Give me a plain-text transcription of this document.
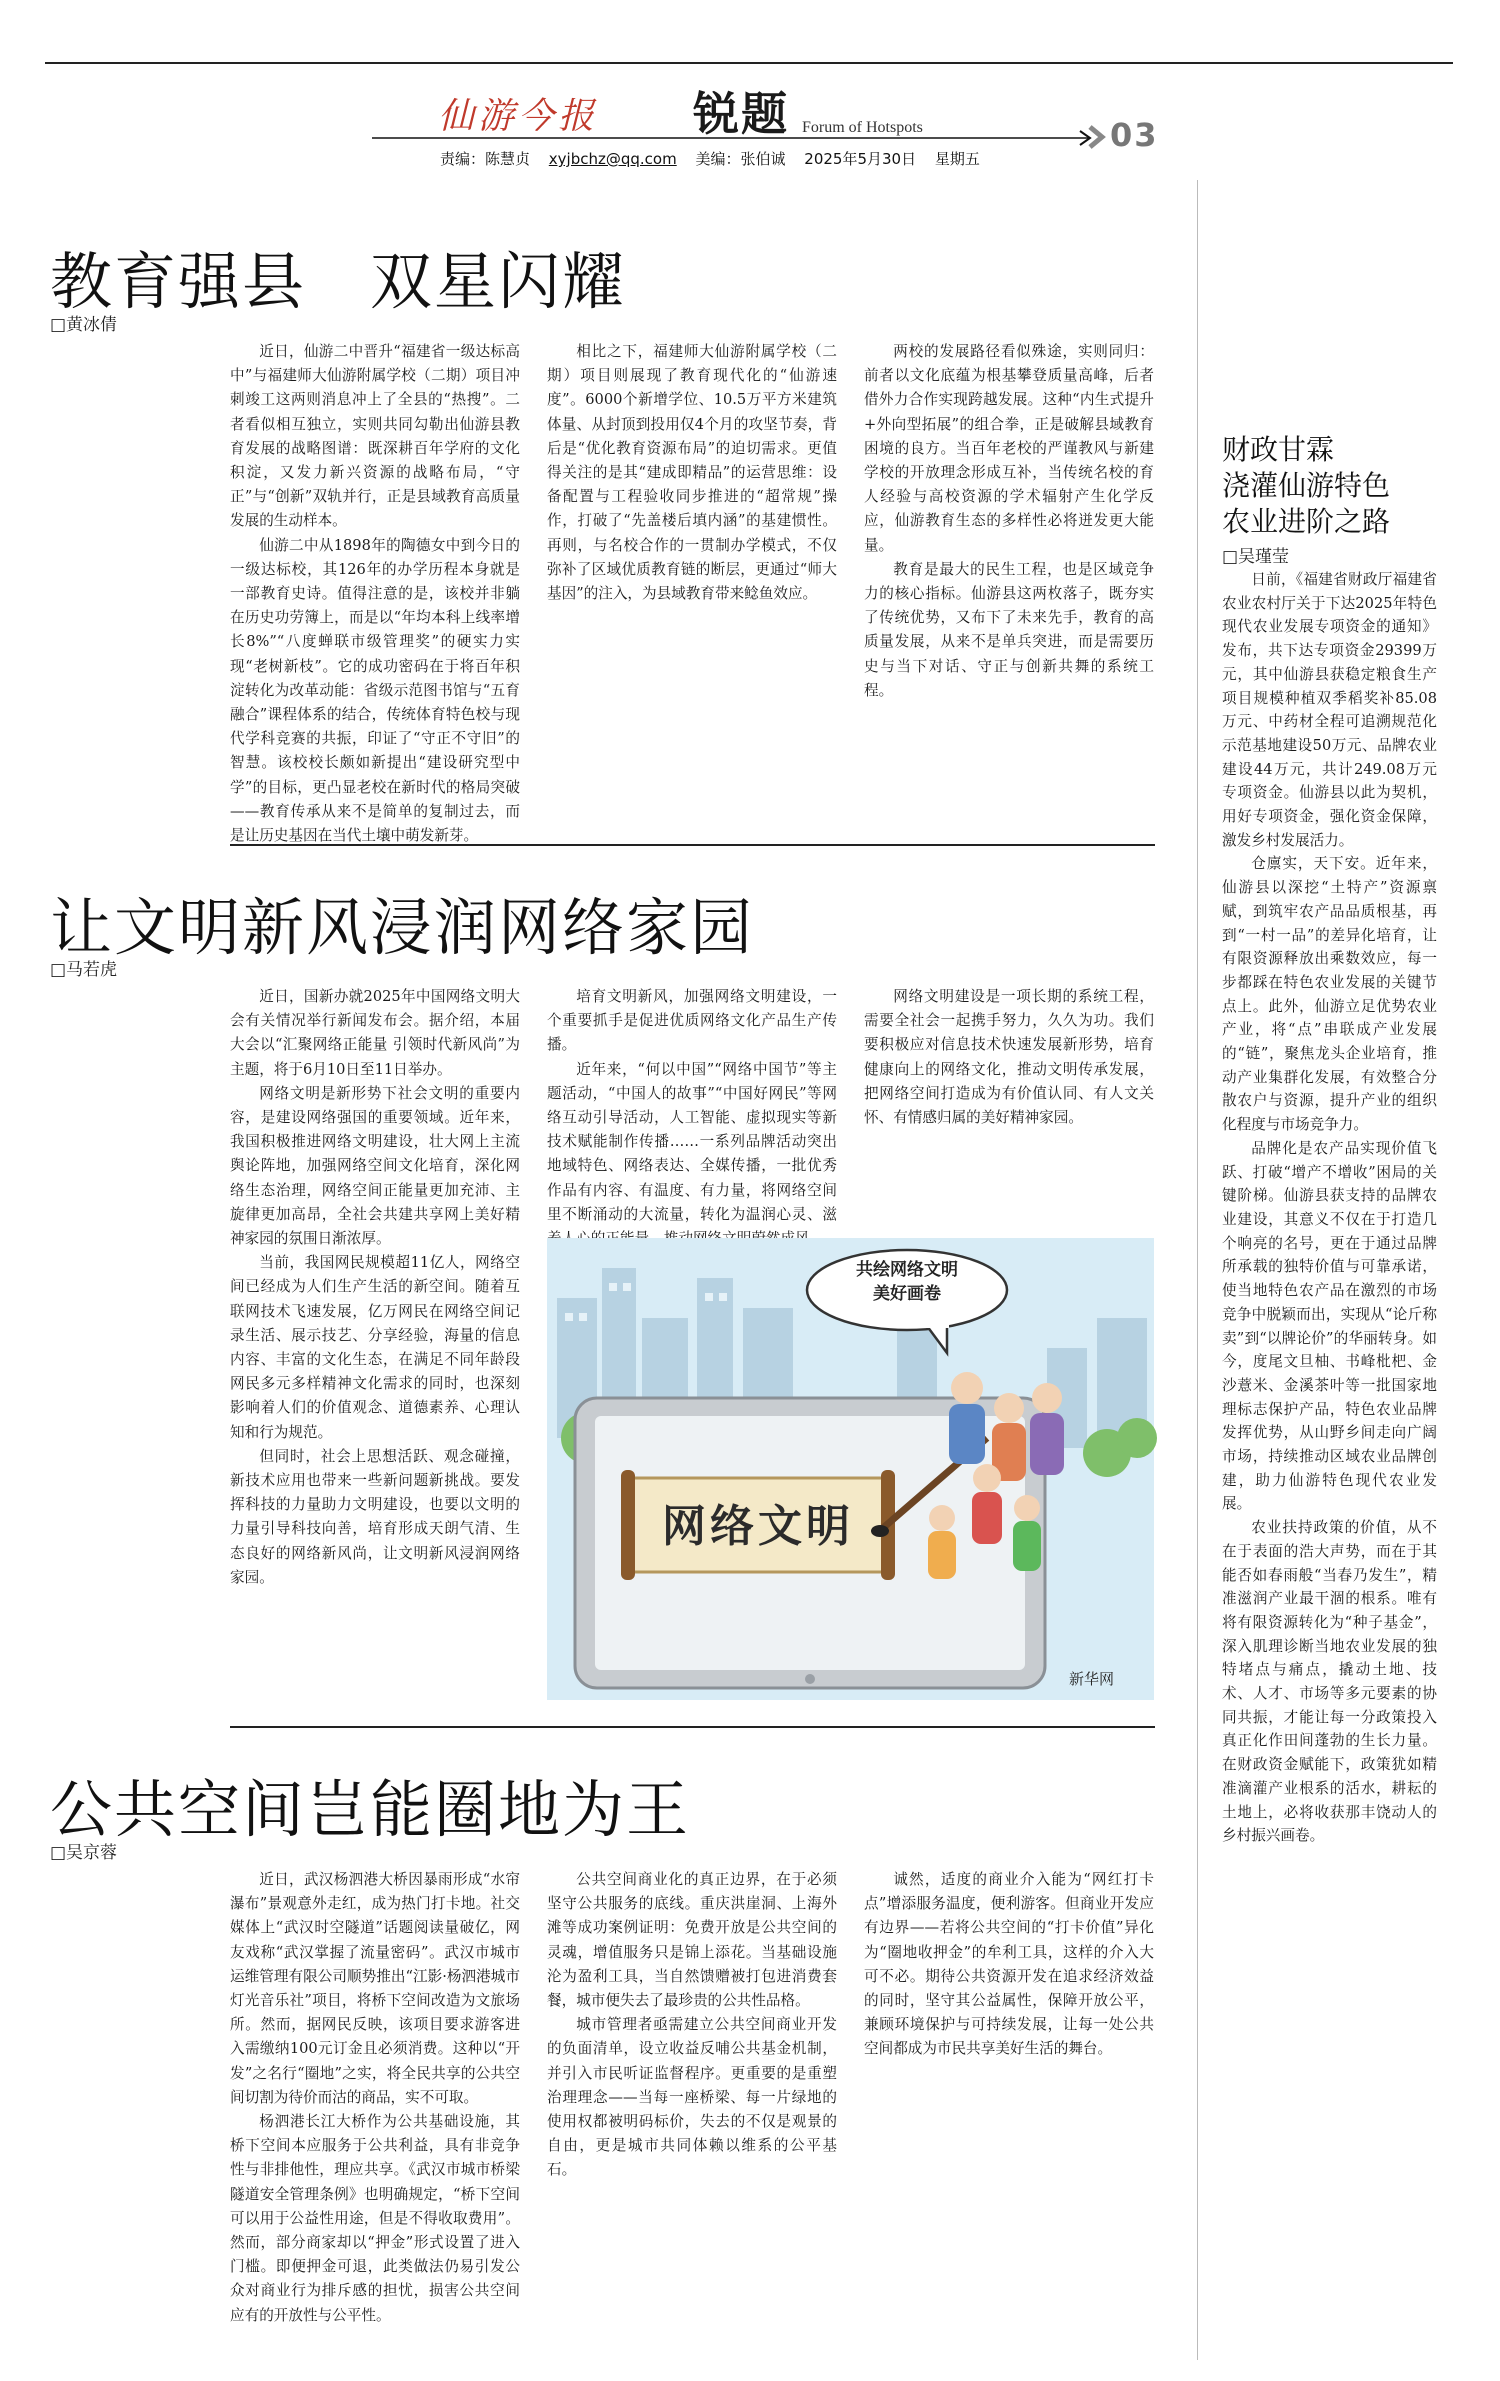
仙游今报 锐题 Forum of Hotspots	03
责编：陈慧贞 xyjbchz@qq.com 美编：张伯诚 2025年5月30日 星期五
教育强县　双星闪耀
□黄冰倩

近日，仙游二中晋升“福建省一级达标高中”与福建师大仙游附属学校（二期）项目冲刺竣工这两则消息冲上了全县的“热搜”。二者看似相互独立，实则共同勾勒出仙游县教育发展的战略图谱：既深耕百年学府的文化积淀，又发力新兴资源的战略布局，“守正”与“创新”双轨并行，正是县域教育高质量发展的生动样本。

仙游二中从1898年的陶德女中到今日的一级达标校，其126年的办学历程本身就是一部教育史诗。值得注意的是，该校并非躺在历史功劳簿上，而是以“年均本科上线率增长8%”“八度蝉联市级管理奖”的硬实力实现“老树新枝”。它的成功密码在于将百年积淀转化为改革动能：省级示范图书馆与“五育融合”课程体系的结合，传统体育特色校与现代学科竞赛的共振，印证了“守正不守旧”的智慧。该校校长颇如新提出“建设研究型中学”的目标，更凸显老校在新时代的格局突破——教育传承从来不是简单的复制过去，而是让历史基因在当代土壤中萌发新芽。

相比之下，福建师大仙游附属学校（二期）项目则展现了教育现代化的“仙游速度”。6000个新增学位、10.5万平方米建筑体量、从封顶到投用仅4个月的攻坚节奏，背后是“优化教育资源布局”的迫切需求。更值得关注的是其“建成即精品”的运营思维：设备配置与工程验收同步推进的“超常规”操作，打破了“先盖楼后填内涵”的基建惯性。再则，与名校合作的一贯制办学模式，不仅弥补了区域优质教育链的断层，更通过“师大基因”的注入，为县域教育带来鲶鱼效应。

两校的发展路径看似殊途，实则同归：前者以文化底蕴为根基攀登质量高峰，后者借外力合作实现跨越发展。这种“内生式提升+外向型拓展”的组合拳，正是破解县域教育困境的良方。当百年老校的严谨教风与新建学校的开放理念形成互补，当传统名校的育人经验与高校资源的学术辐射产生化学反应，仙游教育生态的多样性必将迸发更大能量。

教育是最大的民生工程，也是区域竞争力的核心指标。仙游县这两枚落子，既夯实了传统优势，又布下了未来先手，教育的高质量发展，从来不是单兵突进，而是需要历史与当下对话、守正与创新共舞的系统工程。

让文明新风浸润网络家园
□马若虎

近日，国新办就2025年中国网络文明大会有关情况举行新闻发布会。据介绍，本届大会以“汇聚网络正能量 引领时代新风尚”为主题，将于6月10日至11日举办。

网络文明是新形势下社会文明的重要内容，是建设网络强国的重要领域。近年来，我国积极推进网络文明建设，壮大网上主流舆论阵地，加强网络空间文化培育，深化网络生态治理，网络空间正能量更加充沛、主旋律更加高昂，全社会共建共享网上美好精神家园的氛围日渐浓厚。

当前，我国网民规模超11亿人，网络空间已经成为人们生产生活的新空间。随着互联网技术飞速发展，亿万网民在网络空间记录生活、展示技艺、分享经验，海量的信息内容、丰富的文化生态，在满足不同年龄段网民多元多样精神文化需求的同时，也深刻影响着人们的价值观念、道德素养、心理认知和行为规范。

但同时，社会上思想活跃、观念碰撞，新技术应用也带来一些新问题新挑战。要发挥科技的力量助力文明建设，也要以文明的力量引导科技向善，培育形成天朗气清、生态良好的网络新风尚，让文明新风浸润网络家园。

培育文明新风，加强网络文明建设，一个重要抓手是促进优质网络文化产品生产传播。

近年来，“何以中国”“网络中国节”等主题活动，“中国人的故事”“中国好网民”等网络互动引导活动，人工智能、虚拟现实等新技术赋能制作传播……一系列品牌活动突出地域特色、网络表达、全媒传播，一批优秀作品有内容、有温度、有力量，将网络空间里不断涌动的大流量，转化为温润心灵、滋

网络文明建设是一项长期的系统工程，需要全社会一起携手努力，久久为功。我们要积极应对信息技术快速发展新形势，培育健康向上的网络文化，推动文明传承发展，把网络空间打造成为有价值认同、有人文关怀、有情感归属的美好精神家园。

共绘网络文明
美好画卷
网络文明
新华网
公共空间岂能圈地为王
□吴京蓉

近日，武汉杨泗港大桥因暴雨形成“水帘瀑布”景观意外走红，成为热门打卡地。社交媒体上“武汉时空隧道”话题阅读量破亿，网友戏称“武汉掌握了流量密码”。武汉市城市运维管理有限公司顺势推出“江影·杨泗港城市灯光音乐社”项目，将桥下空间改造为文旅场所。然而，据网民反映，该项目要求游客进入需缴纳100元订金且必须消费。这种以“开发”之名行“圈地”之实，将全民共享的公共空间切割为待价而沽的商品，实不可取。

杨泗港长江大桥作为公共基础设施，其桥下空间本应服务于公共利益，具有非竞争性与非排他性，理应共享。《武汉市城市桥梁隧道安全管理条例》也明确规定，“桥下空间可以用于公益性用途，但是不得收取费用”。然而，部分商家却以“押金”形式设置了进入门槛。即便押金可退，此类做法仍易引发公众对商业行为排斥感的担忧，损害公共空间应有的开放性与公平性。

公共空间商业化的真正边界，在于必须坚守公共服务的底线。重庆洪崖洞、上海外滩等成功案例证明：免费开放是公共空间的灵魂，增值服务只是锦上添花。当基础设施沦为盈利工具，当自然馈赠被打包进消费套餐，城市便失去了最珍贵的公共性品格。

城市管理者亟需建立公共空间商业开发的负面清单，设立收益反哺公共基金机制，并引入市民听证监督程序。更重要的是重塑治理理念——当每一座桥梁、每一片绿地的使用权都被明码标价，失去的不仅是观景的自由，更是城市共同体赖以维系的公平基石。

诚然，适度的商业介入能为“网红打卡点”增添服务温度，便利游客。但商业开发应有边界——若将公共空间的“打卡价值”异化为“圈地收押金”的牟利工具，这样的介入大可不必。期待公共资源开发在追求经济效益的同时，坚守其公益属性，保障开放公平，兼顾环境保护与可持续发展，让每一处公共空间都成为市民共享美好生活的舞台。

财政甘霖
浇灌仙游特色
农业进阶之路
□吴瑾莹

日前，《福建省财政厅福建省农业农村厅关于下达2025年特色现代农业发展专项资金的通知》发布，共下达专项资金29399万元，其中仙游县获稳定粮食生产项目规模种植双季稻奖补85.08万元、中药材全程可追溯规范化示范基地建设50万元、品牌农业建设44万元，共计249.08万元专项资金。仙游县以此为契机，用好专项资金，强化资金保障，激发乡村发展活力。

仓廪实，天下安。近年来，仙游县以深挖“土特产”资源禀赋，到筑牢农产品品质根基，再到“一村一品”的差异化培育，让有限资源释放出乘数效应，每一步都踩在特色农业发展的关键节点上。此外，仙游立足优势农业产业，将“点”串联成产业发展的“链”，聚焦龙头企业培育，推动产业集群化发展，有效整合分散农户与资源，提升产业的组织化程度与市场竞争力。

品牌化是农产品实现价值飞跃、打破“增产不增收”困局的关键阶梯。仙游县获支持的品牌农业建设，其意义不仅在于打造几个响亮的名号，更在于通过品牌所承载的独特价值与可靠承诺，使当地特色农产品在激烈的市场竞争中脱颖而出，实现从“论斤称卖”到“以牌论价”的华丽转身。如今，度尾文旦柚、书峰枇杷、金沙薏米、金溪茶叶等一批国家地理标志保护产品，特色农业品牌发挥优势，从山野乡间走向广阔市场，持续推动区域农业品牌创建，助力仙游特色现代农业发展。

农业扶持政策的价值，从不在于表面的浩大声势，而在于其能否如春雨般“当春乃发生”，精准滋润产业最干涸的根系。唯有将有限资源转化为“种子基金”，深入肌理诊断当地农业发展的独特堵点与痛点，撬动土地、技术、人才、市场等多元要素的协同共振，才能让每一分政策投入真正化作田间蓬勃的生长力量。在财政资金赋能下，政策犹如精准滴灌产业根系的活水，耕耘的土地上，必将收获那丰饶动人的乡村振兴画卷。
